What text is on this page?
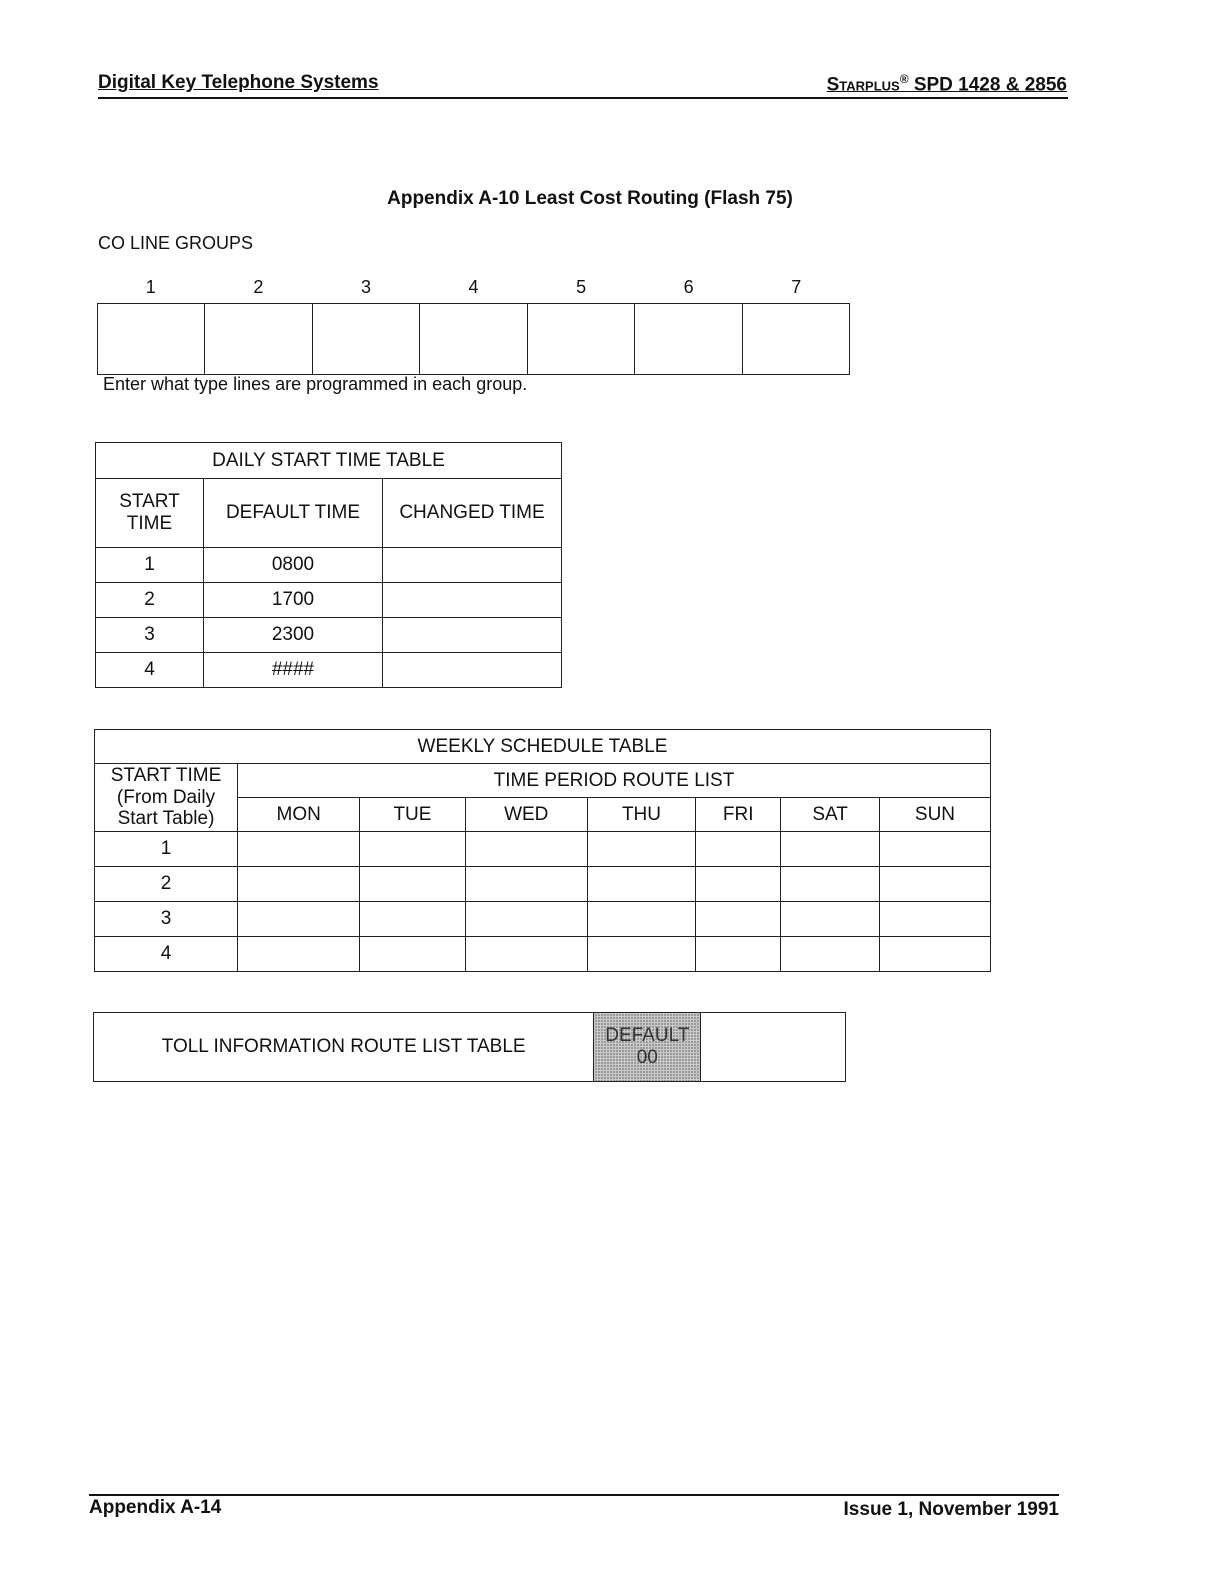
Digital Key Telephone Systems	Starplus® SPD 1428 & 2856
Appendix A-10 Least Cost Routing (Flash 75)
CO LINE GROUPS
1	2	3	4	5	6	7

Enter what type lines are programmed in each group.
DAILY START TIME TABLE		
START
TIME	DEFAULT TIME	CHANGED TIME
1	0800	
2	1700	
3	2300	
4	####	
WEEKLY SCHEDULE TABLE							
START TIME
(From Daily
Start Table)	TIME PERIOD ROUTE LIST						
	MON	TUE	WED	THU	FRI	SAT	SUN
1							
2							
3							
4							
TOLL INFORMATION ROUTE LIST TABLE	DEFAULT
00	
Appendix A-14	Issue 1, November 1991
